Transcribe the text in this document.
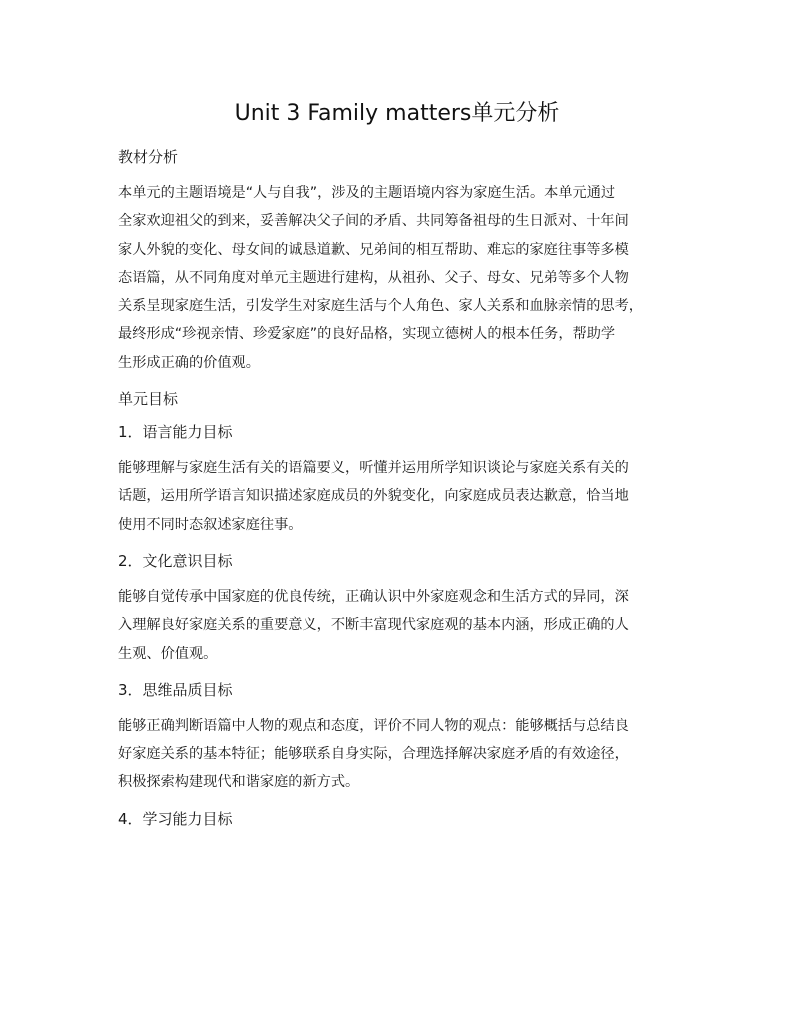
Unit 3 Family matters单元分析
教材分析
本单元的主题语境是“人与自我”，涉及的主题语境内容为家庭生活。本单元通过
全家欢迎祖父的到来，妥善解决父子间的矛盾、共同筹备祖母的生日派对、十年间
家人外貌的变化、母女间的诚恳道歉、兄弟间的相互帮助、难忘的家庭往事等多模
态语篇，从不同角度对单元主题进行建构，从祖孙、父子、母女、兄弟等多个人物
关系呈现家庭生活，引发学生对家庭生活与个人角色、家人关系和血脉亲情的思考，
最终形成“珍视亲情、珍爱家庭”的良好品格，实现立德树人的根本任务，帮助学
生形成正确的价值观。
单元目标
1．语言能力目标
能够理解与家庭生活有关的语篇要义，听懂并运用所学知识谈论与家庭关系有关的
话题，运用所学语言知识描述家庭成员的外貌变化，向家庭成员表达歉意，恰当地
使用不同时态叙述家庭往事。
2．文化意识目标
能够自觉传承中国家庭的优良传统，正确认识中外家庭观念和生活方式的异同，深
入理解良好家庭关系的重要意义，不断丰富现代家庭观的基本内涵，形成正确的人
生观、价值观。
3．思维品质目标
能够正确判断语篇中人物的观点和态度，评价不同人物的观点：能够概括与总结良
好家庭关系的基本特征；能够联系自身实际，合理选择解决家庭矛盾的有效途径，
积极探索构建现代和谐家庭的新方式。
4．学习能力目标
